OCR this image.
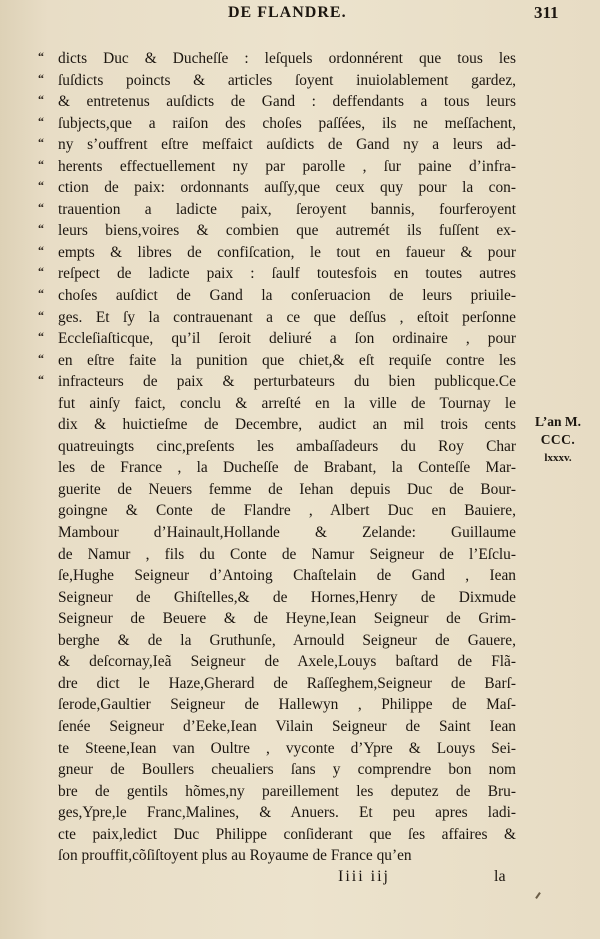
DE FLANDRE.	311
“ dicts Duc & Ducheſſe : leſquels ordonnérent que tous les
“ ſuſdicts poincts & articles ſoyent inuiolablement gardez,
“ & entretenus auſdicts de Gand : deffendants a tous leurs
“ ſubjects,que a raiſon des choſes paſſées, ils ne meſſachent,
“ ny s’ouffrent eſtre meſfaict auſdicts de Gand ny a leurs ad-
“ herents effectuellement ny par parolle , ſur paine d’infra-
“ ction de paix: ordonnants auſſy,que ceux quy pour la con-
“ trauention a ladicte paix, ſeroyent bannis, fourferoyent
“ leurs biens,voires & combien que autremét ils fuſſent ex-
“ empts & libres de confiſcation, le tout en faueur & pour
“ reſpect de ladicte paix : ſaulf toutesfois en toutes autres
“ choſes auſdict de Gand la conſeruacion de leurs priuile-
“ ges. Et ſy la contrauenant a ce que deſſus , eſtoit perſonne
“ Eccleſiaſticque, qu’il ſeroit deliuré a ſon ordinaire , pour
“ en eſtre faite la punition que chiet,& eſt requiſe contre les
“ infracteurs de paix & perturbateurs du bien publicque.Ce
fut ainſy faict, conclu & arreſté en la ville de Tournay le
dix & huictieſme de Decembre, audict an mil trois cents
quatreuingts cinc,preſents les ambaſſadeurs du Roy Char
les de France , la Ducheſſe de Brabant, la Conteſſe Mar-
guerite de Neuers femme de Iehan depuis Duc de Bour-
goingne & Conte de Flandre , Albert Duc en Bauiere,
Mambour d’Hainault,Hollande & Zelande: Guillaume
de Namur , fils du Conte de Namur Seigneur de l’Eſclu-
ſe,Hughe Seigneur d’Antoing Chaſtelain de Gand , Iean
Seigneur de Ghiſtelles,& de Hornes,Henry de Dixmude
Seigneur de Beuere & de Heyne,Iean Seigneur de Grim-
berghe & de la Gruthunſe, Arnould Seigneur de Gauere,
& deſcornay,Ieã Seigneur de Axele,Louys baſtard de Flã-
dre dict le Haze,Gherard de Raſſeghem,Seigneur de Barſ-
ſerode,Gaultier Seigneur de Hallewyn , Philippe de Maſ-
ſenée Seigneur d’Eeke,Iean Vilain Seigneur de Saint Iean
te Steene,Iean van Oultre , vyconte d’Ypre & Louys Sei-
gneur de Boullers cheualiers ſans y comprendre bon nom
bre de gentils hõmes,ny pareillement les deputez de Bru-
ges,Ypre,le Franc,Malines, & Anuers. Et peu apres ladi-
cte paix,ledict Duc Philippe conſiderant que ſes affaires &
ſon prouffit,cõſiſtoyent plus au Royaume de France qu’en
L’an M.
CCC.
lxxxv.
Iiii iij	la
